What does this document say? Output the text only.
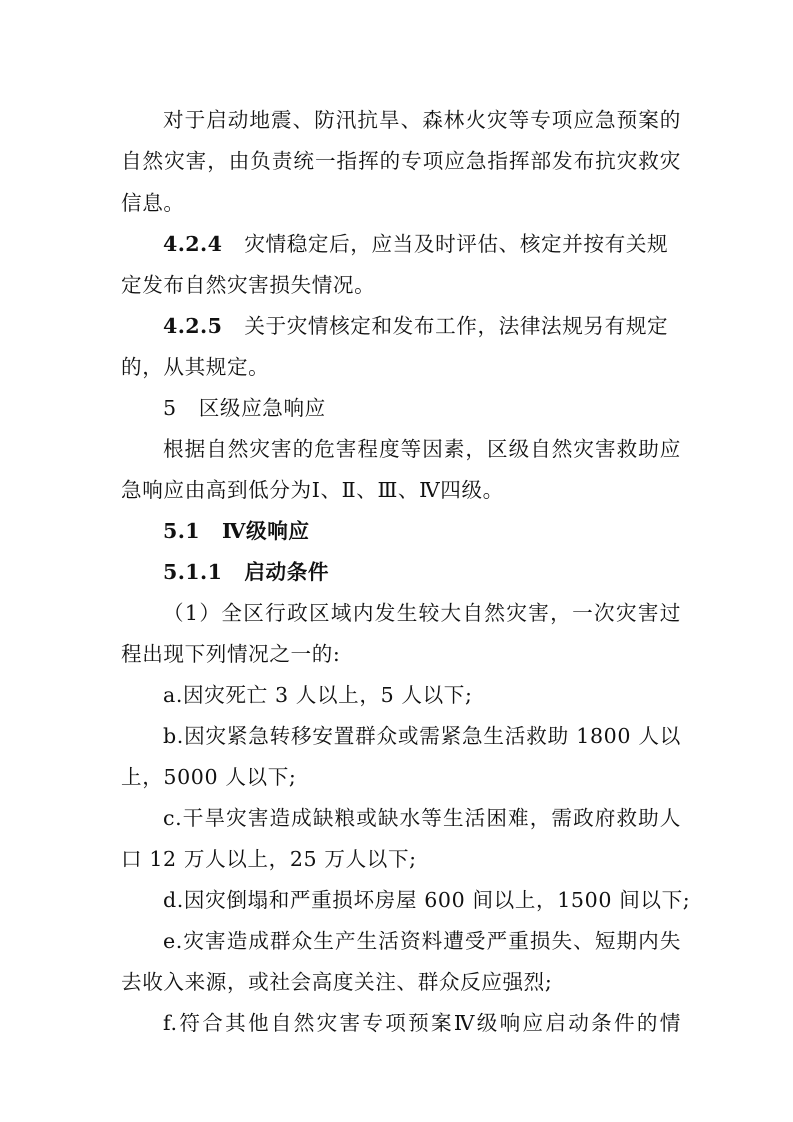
对于启动地震、防汛抗旱、森林火灾等专项应急预案的
自然灾害，由负责统一指挥的专项应急指挥部发布抗灾救灾
信息。
4.2.4 灾情稳定后，应当及时评估、核定并按有关规
定发布自然灾害损失情况。
4.2.5 关于灾情核定和发布工作，法律法规另有规定
的，从其规定。
5 区级应急响应
根据自然灾害的危害程度等因素，区级自然灾害救助应
急响应由高到低分为Ⅰ、Ⅱ、Ⅲ、Ⅳ四级。
5.1 Ⅳ级响应
5.1.1 启动条件
（1）全区行政区域内发生较大自然灾害，一次灾害过
程出现下列情况之一的:
a.因灾死亡 3 人以上，5 人以下;
b.因灾紧急转移安置群众或需紧急生活救助 1800 人以
上，5000 人以下;
c.干旱灾害造成缺粮或缺水等生活困难，需政府救助人
口 12 万人以上，25 万人以下;
d.因灾倒塌和严重损坏房屋 600 间以上，1500 间以下;
e.灾害造成群众生产生活资料遭受严重损失、短期内失
去收入来源，或社会高度关注、群众反应强烈;
f.符合其他自然灾害专项预案Ⅳ级响应启动条件的情
